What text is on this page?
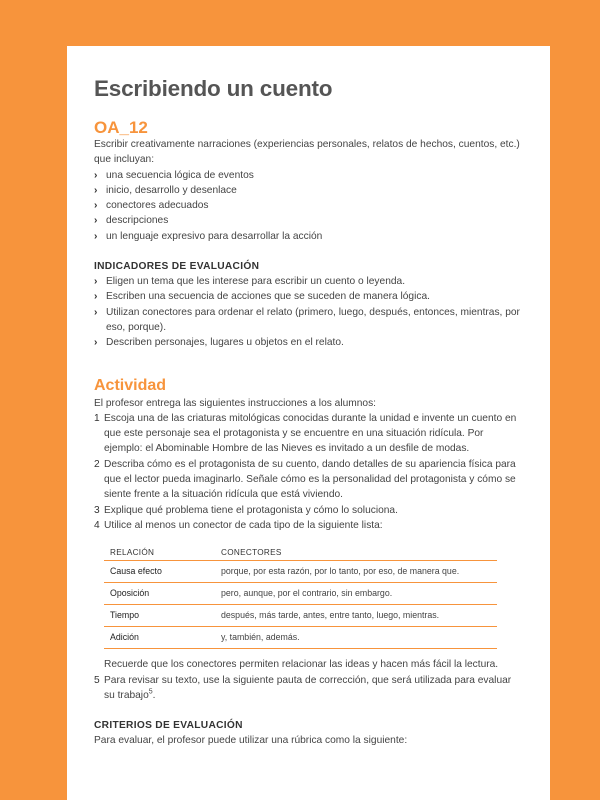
Escribiendo un cuento
OA_12

Escribir creativamente narraciones (experiencias personales, relatos de hechos, cuentos, etc.) que incluyan:

› una secuencia lógica de eventos
› inicio, desarrollo y desenlace
› conectores adecuados
› descripciones
› un lenguaje expresivo para desarrollar la acción
INDICADORES DE EVALUACIÓN
› Eligen un tema que les interese para escribir un cuento o leyenda.
› Escriben una secuencia de acciones que se suceden de manera lógica.
› Utilizan conectores para ordenar el relato (primero, luego, después, entonces, mientras, por eso, porque).
› Describen personajes, lugares u objetos en el relato.
Actividad

El profesor entrega las siguientes instrucciones a los alumnos:

1 Escoja una de las criaturas mitológicas conocidas durante la unidad e invente un cuento en que este personaje sea el protagonista y se encuentre en una situación ridícula. Por ejemplo: el Abominable Hombre de las Nieves es invitado a un desfile de modas.
2 Describa cómo es el protagonista de su cuento, dando detalles de su apariencia física para que el lector pueda imaginarlo. Señale cómo es la personalidad del protagonista y cómo se siente frente a la situación ridícula que está viviendo.
3 Explique qué problema tiene el protagonista y cómo lo soluciona.
4 Utilice al menos un conector de cada tipo de la siguiente lista:
RELACIÓN	CONECTORES
Causa efecto	porque, por esta razón, por lo tanto, por eso, de manera que.
Oposición	pero, aunque, por el contrario, sin embargo.
Tiempo	después, más tarde, antes, entre tanto, luego, mientras.
Adición	y, también, además.

Recuerde que los conectores permiten relacionar las ideas y hacen más fácil la lectura.

5 Para revisar su texto, use la siguiente pauta de corrección, que será utilizada para evaluar su trabajo$^5$.
CRITERIOS DE EVALUACIÓN

Para evaluar, el profesor puede utilizar una rúbrica como la siguiente:
